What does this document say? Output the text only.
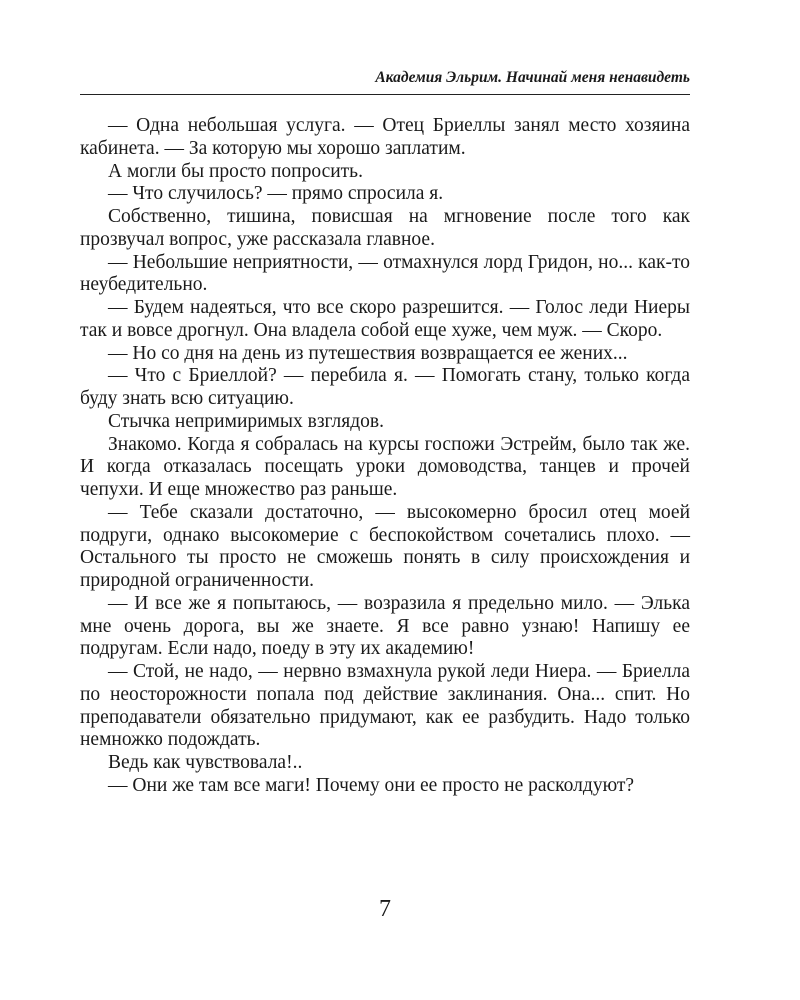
Академия Эльрим. Начинай меня ненавидеть

— Одна небольшая услуга. — Отец Бриеллы занял место хозяина кабинета. — За которую мы хорошо заплатим.

А могли бы просто попросить.

— Что случилось? — прямо спросила я.

Собственно, тишина, повисшая на мгновение после того как прозвучал вопрос, уже рассказала главное.

— Небольшие неприятности, — отмахнулся лорд Гридон, но... как-то неубедительно.

— Будем надеяться, что все скоро разрешится. — Голос леди Ниеры так и вовсе дрогнул. Она владела собой еще хуже, чем муж. — Скоро.

— Но со дня на день из путешествия возвращается ее жених...

— Что с Бриеллой? — перебила я. — Помогать стану, только когда буду знать всю ситуацию.

Стычка непримиримых взглядов.

Знакомо. Когда я собралась на курсы госпожи Эстрейм, было так же. И когда отказалась посещать уроки домоводства, танцев и прочей чепухи. И еще множество раз раньше.

— Тебе сказали достаточно, — высокомерно бросил отец моей подруги, однако высокомерие с беспокойством сочетались плохо. — Остального ты просто не сможешь понять в силу происхождения и природной ограниченности.

— И все же я попытаюсь, — возразила я предельно мило. — Элька мне очень дорога, вы же знаете. Я все равно узнаю! Напишу ее подругам. Если надо, поеду в эту их академию!

— Стой, не надо, — нервно взмахнула рукой леди Ниера. — Бриелла по неосторожности попала под действие заклинания. Она... спит. Но преподаватели обязательно придумают, как ее разбудить. Надо только немножко подождать.

Ведь как чувствовала!..

— Они же там все маги! Почему они ее просто не расколдуют?

7
